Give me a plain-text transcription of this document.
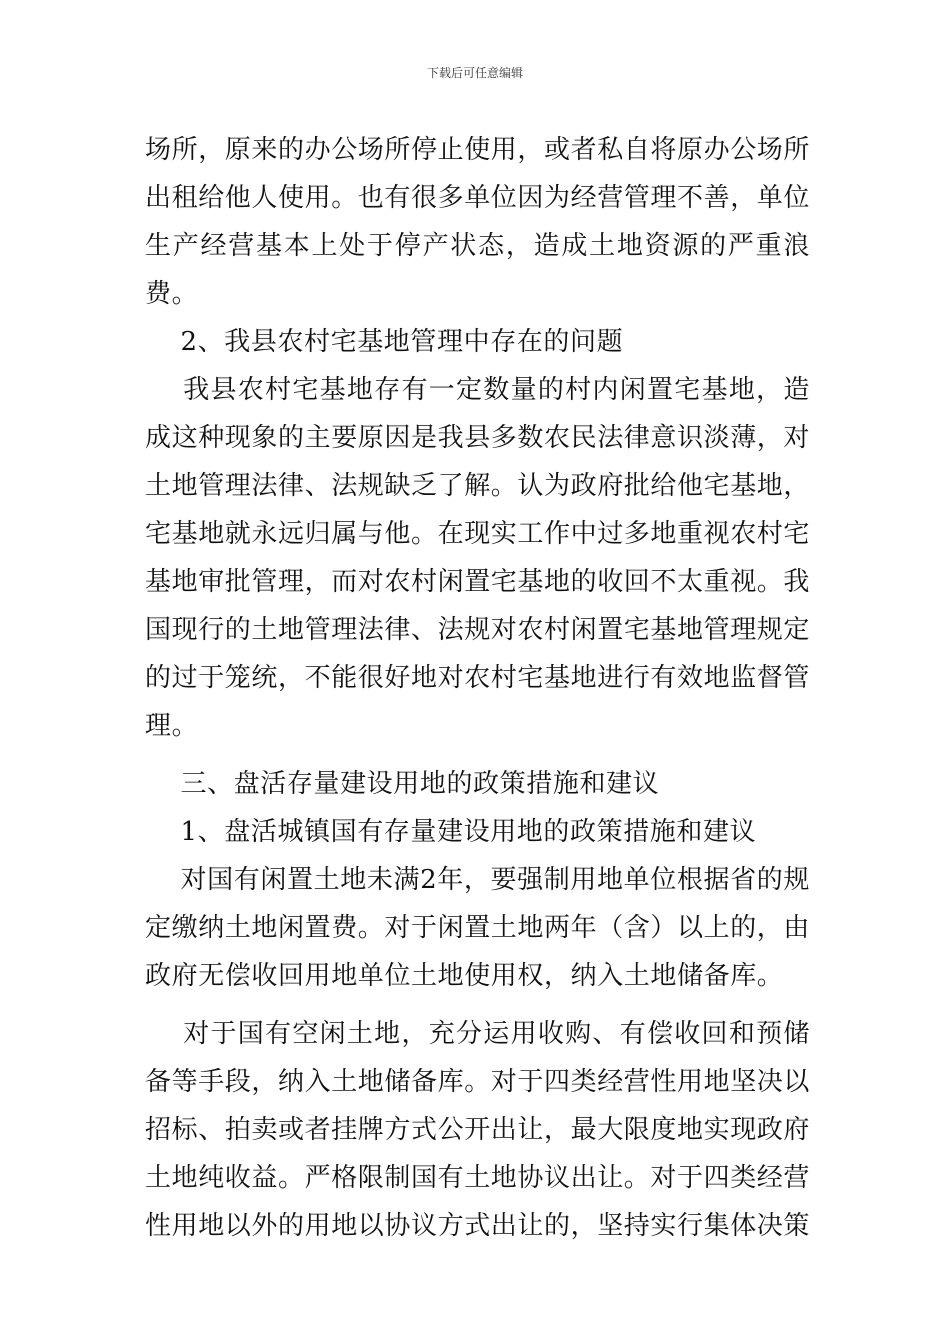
下载后可任意编辑

场所，原来的办公场所停止使用，或者私自将原办公场所出租给他人使用。也有很多单位因为经营管理不善，单位生产经营基本上处于停产状态，造成土地资源的严重浪费。

2、我县农村宅基地管理中存在的问题

我县农村宅基地存有一定数量的村内闲置宅基地，造成这种现象的主要原因是我县多数农民法律意识淡薄，对土地管理法律、法规缺乏了解。认为政府批给他宅基地，宅基地就永远归属与他。在现实工作中过多地重视农村宅基地审批管理，而对农村闲置宅基地的收回不太重视。我国现行的土地管理法律、法规对农村闲置宅基地管理规定的过于笼统，不能很好地对农村宅基地进行有效地监督管理。

三、盘活存量建设用地的政策措施和建议

1、盘活城镇国有存量建设用地的政策措施和建议

对国有闲置土地未满2年，要强制用地单位根据省的规定缴纳土地闲置费。对于闲置土地两年（含）以上的，由政府无偿收回用地单位土地使用权，纳入土地储备库。

对于国有空闲土地，充分运用收购、有偿收回和预储备等手段，纳入土地储备库。对于四类经营性用地坚决以招标、拍卖或者挂牌方式公开出让，最大限度地实现政府土地纯收益。严格限制国有土地协议出让。对于四类经营性用地以外的用地以协议方式出让的，坚持实行集体决策
